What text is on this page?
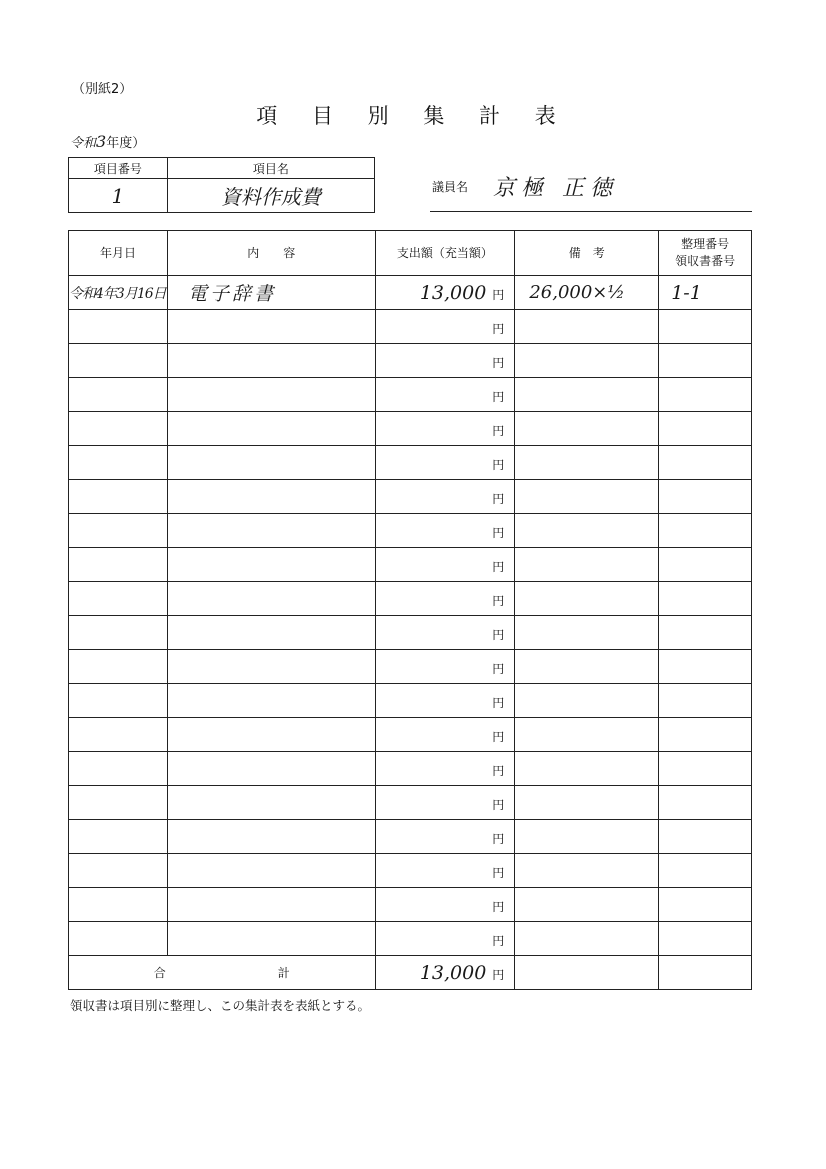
（別紙2）
項 目 別 集 計 表
令和3年度）
項目番号	項目名
1	資料作成費	議員名 京極 正徳
年月日	内　　容	支出額（充当額）	備　考	整理番号
領収書番号
令和4年3月16日	電子辞書	13,000 円	26,000×½	1-1
		円		
		円		
		円		
		円		
		円		
		円		
		円		
		円		
		円		
		円		
		円		
		円		
		円		
		円		
		円		
		円		
		円		
		円		
		円		
合　計		13,000 円		
領収書は項目別に整理し、この集計表を表紙とする。
